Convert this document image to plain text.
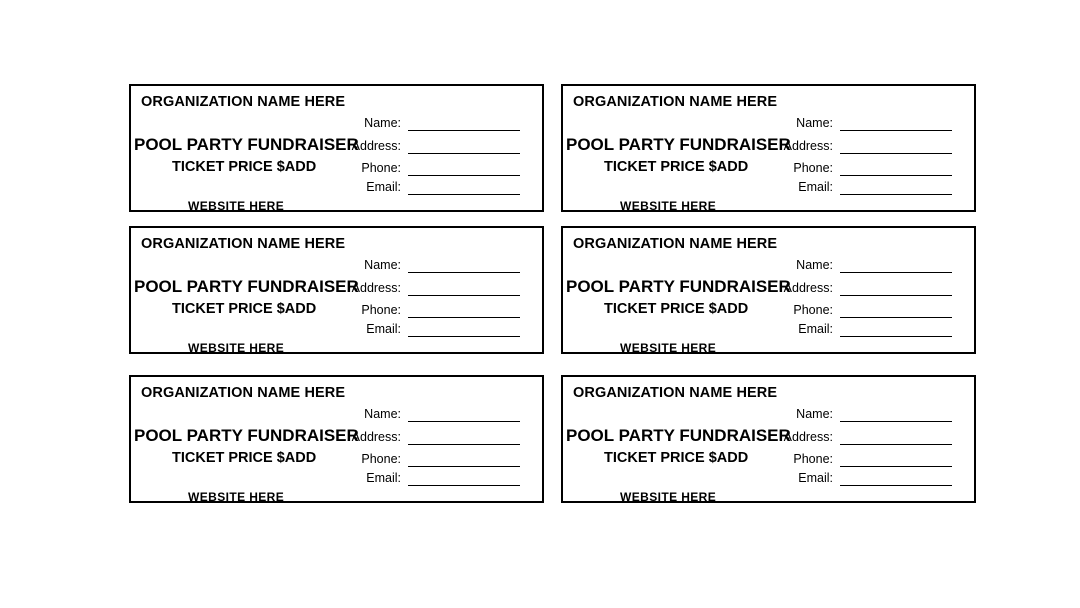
ORGANIZATION NAME HERE
POOL PARTY FUNDRAISER
TICKET PRICE $ADD
WEBSITE HERE
Name:
Address:
Phone:
Email:
ORGANIZATION NAME HERE
POOL PARTY FUNDRAISER
TICKET PRICE $ADD
WEBSITE HERE
Name:
Address:
Phone:
Email:
ORGANIZATION NAME HERE
POOL PARTY FUNDRAISER
TICKET PRICE $ADD
WEBSITE HERE
Name:
Address:
Phone:
Email:
ORGANIZATION NAME HERE
POOL PARTY FUNDRAISER
TICKET PRICE $ADD
WEBSITE HERE
Name:
Address:
Phone:
Email:
ORGANIZATION NAME HERE
POOL PARTY FUNDRAISER
TICKET PRICE $ADD
WEBSITE HERE
Name:
Address:
Phone:
Email:
ORGANIZATION NAME HERE
POOL PARTY FUNDRAISER
TICKET PRICE $ADD
WEBSITE HERE
Name:
Address:
Phone:
Email:
